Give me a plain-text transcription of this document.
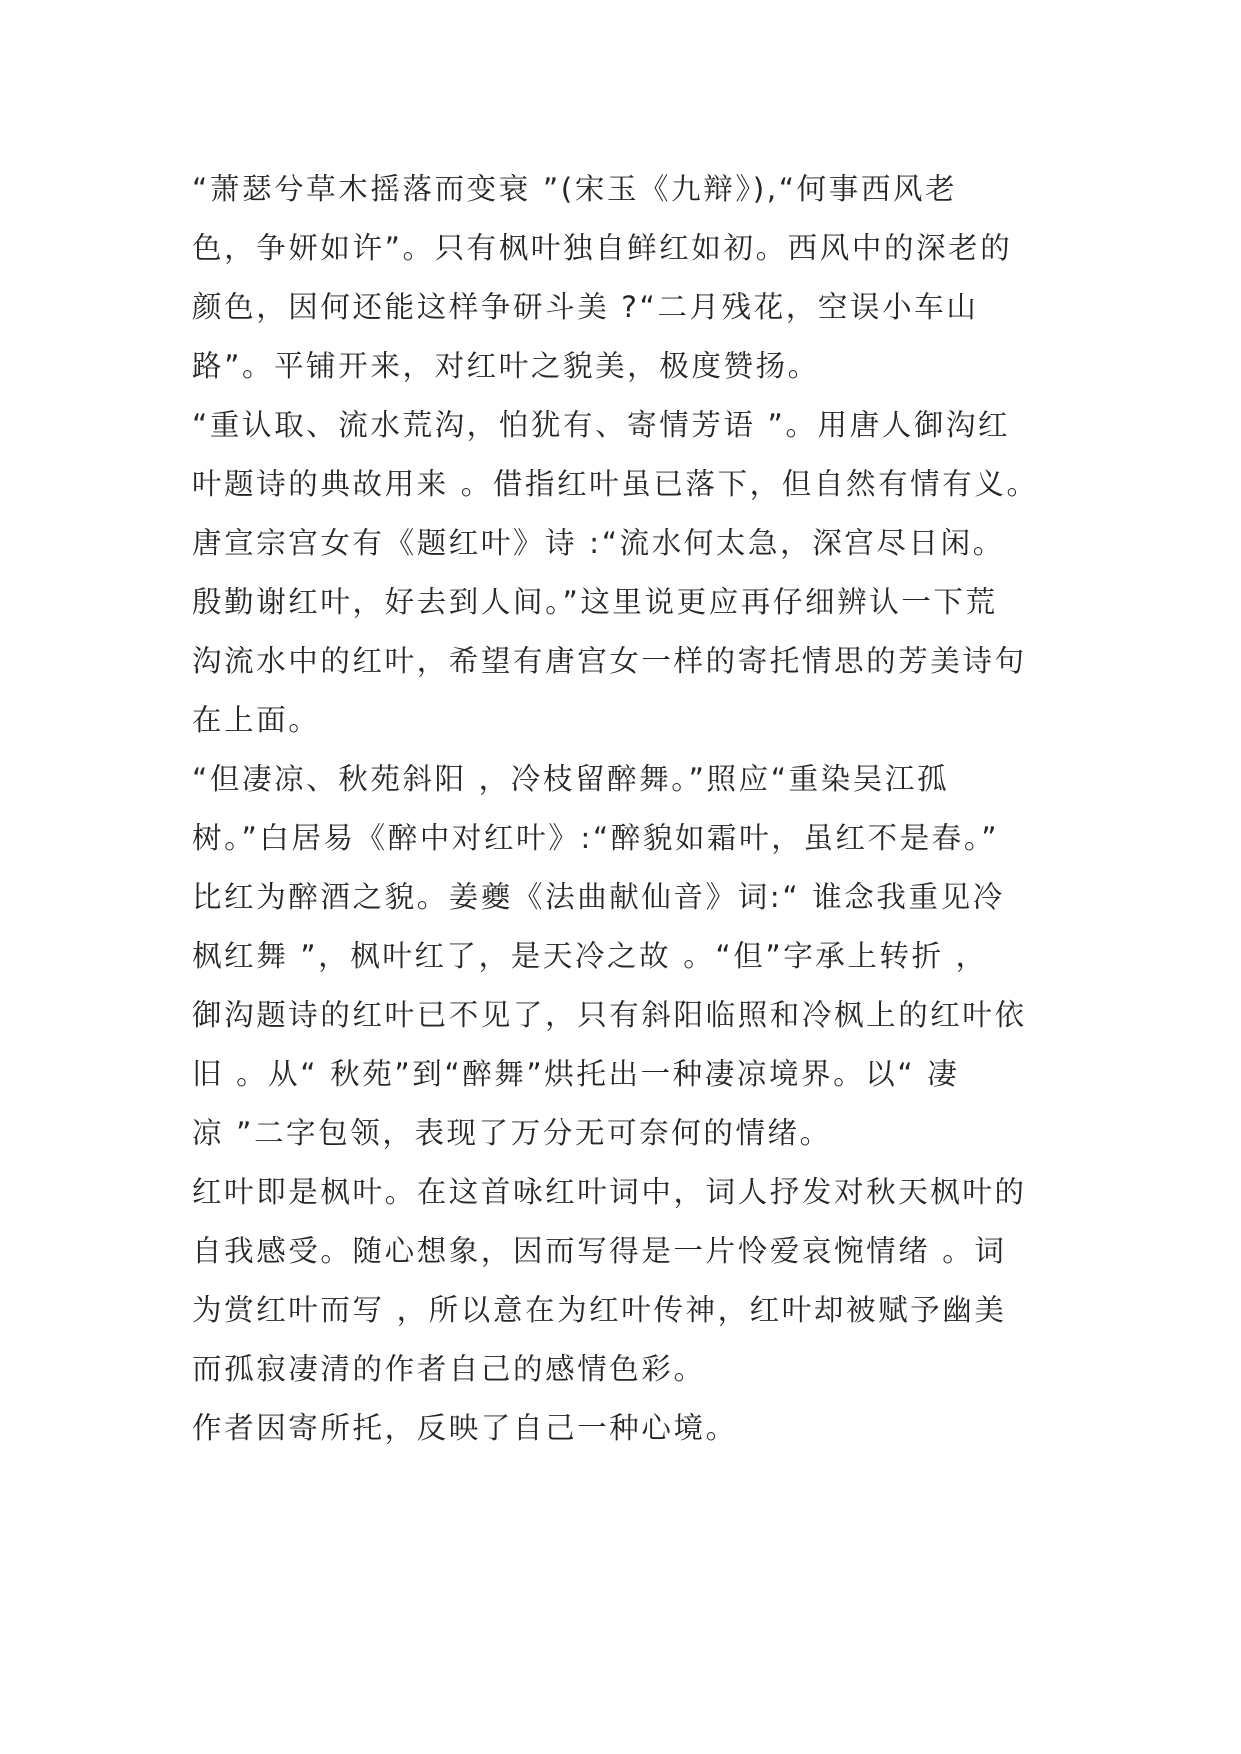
“萧瑟兮草木摇落而变衰 ”(宋玉《九辩》),“何事西风老
色，争妍如许”。只有枫叶独自鲜红如初。西风中的深老的
颜色，因何还能这样争研斗美 ?“二月残花，空误小车山
路”。平铺开来，对红叶之貌美，极度赞扬。
“重认取、流水荒沟，怕犹有、寄情芳语 ”。用唐人御沟红
叶题诗的典故用来 。借指红叶虽已落下，但自然有情有义。
唐宣宗宫女有《题红叶》诗 :“流水何太急，深宫尽日闲。
殷勤谢红叶，好去到人间。”这里说更应再仔细辨认一下荒
沟流水中的红叶，希望有唐宫女一样的寄托情思的芳美诗句
在上面。
“但凄凉、秋苑斜阳 ，冷枝留醉舞。”照应“重染吴江孤
树。”白居易《醉中对红叶》:“醉貌如霜叶，虽红不是春。”
比红为醉酒之貌。姜夔《法曲献仙音》词:“ 谁念我重见冷
枫红舞 ”，枫叶红了，是天冷之故 。“但”字承上转折 ，
御沟题诗的红叶已不见了，只有斜阳临照和冷枫上的红叶依
旧 。从“ 秋苑”到“醉舞”烘托出一种凄凉境界。以“ 凄
凉 ”二字包领，表现了万分无可奈何的情绪。
红叶即是枫叶。在这首咏红叶词中，词人抒发对秋天枫叶的
自我感受。随心想象，因而写得是一片怜爱哀惋情绪 。词
为赏红叶而写 ，所以意在为红叶传神，红叶却被赋予幽美
而孤寂凄清的作者自己的感情色彩。
作者因寄所托，反映了自己一种心境。
